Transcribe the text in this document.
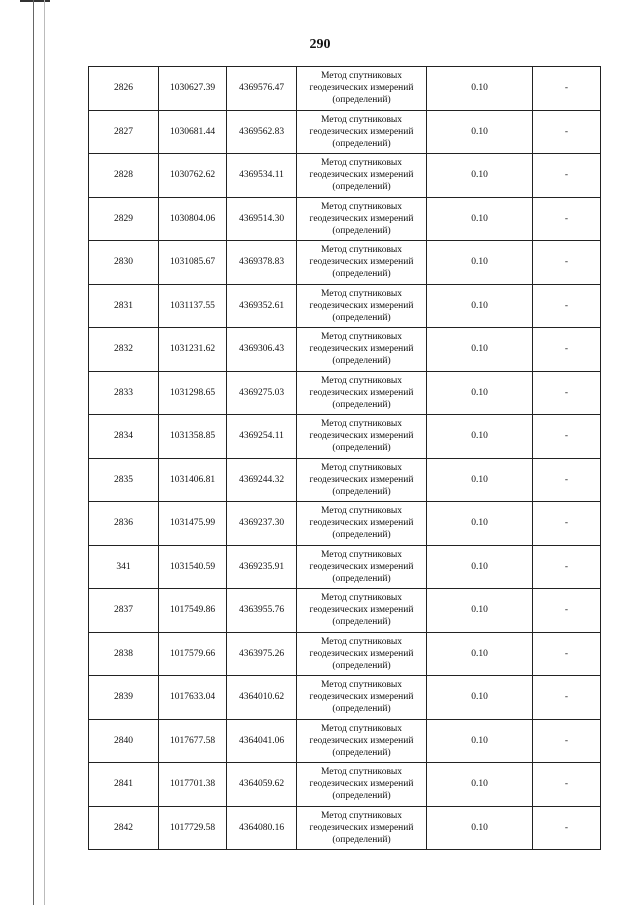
290
2826	1030627.39	4369576.47	Метод спутниковых
геодезических измерений
(определений)	0.10	-
2827	1030681.44	4369562.83	Метод спутниковых
геодезических измерений
(определений)	0.10	-
2828	1030762.62	4369534.11	Метод спутниковых
геодезических измерений
(определений)	0.10	-
2829	1030804.06	4369514.30	Метод спутниковых
геодезических измерений
(определений)	0.10	-
2830	1031085.67	4369378.83	Метод спутниковых
геодезических измерений
(определений)	0.10	-
2831	1031137.55	4369352.61	Метод спутниковых
геодезических измерений
(определений)	0.10	-
2832	1031231.62	4369306.43	Метод спутниковых
геодезических измерений
(определений)	0.10	-
2833	1031298.65	4369275.03	Метод спутниковых
геодезических измерений
(определений)	0.10	-
2834	1031358.85	4369254.11	Метод спутниковых
геодезических измерений
(определений)	0.10	-
2835	1031406.81	4369244.32	Метод спутниковых
геодезических измерений
(определений)	0.10	-
2836	1031475.99	4369237.30	Метод спутниковых
геодезических измерений
(определений)	0.10	-
341	1031540.59	4369235.91	Метод спутниковых
геодезических измерений
(определений)	0.10	-
2837	1017549.86	4363955.76	Метод спутниковых
геодезических измерений
(определений)	0.10	-
2838	1017579.66	4363975.26	Метод спутниковых
геодезических измерений
(определений)	0.10	-
2839	1017633.04	4364010.62	Метод спутниковых
геодезических измерений
(определений)	0.10	-
2840	1017677.58	4364041.06	Метод спутниковых
геодезических измерений
(определений)	0.10	-
2841	1017701.38	4364059.62	Метод спутниковых
геодезических измерений
(определений)	0.10	-
2842	1017729.58	4364080.16	Метод спутниковых
геодезических измерений
(определений)	0.10	-
